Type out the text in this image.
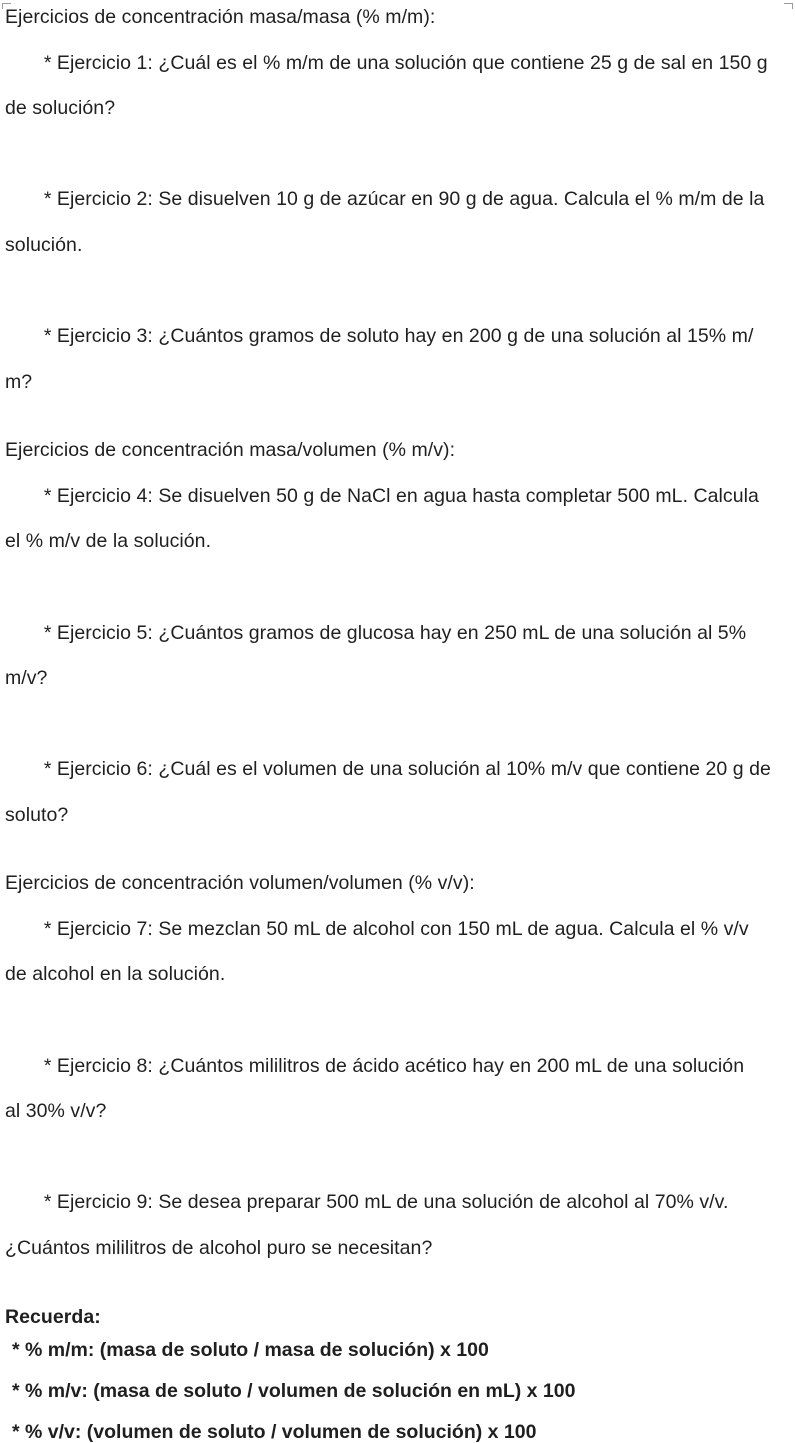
Ejercicios de concentración masa/masa (% m/m):

* Ejercicio 1: ¿Cuál es el % m/m de una solución que contiene 25 g de sal en 150 g

de solución?

* Ejercicio 2: Se disuelven 10 g de azúcar en 90 g de agua. Calcula el % m/m de la

solución.

* Ejercicio 3: ¿Cuántos gramos de soluto hay en 200 g de una solución al 15% m/

m?

Ejercicios de concentración masa/volumen (% m/v):

* Ejercicio 4: Se disuelven 50 g de NaCl en agua hasta completar 500 mL. Calcula

el % m/v de la solución.

* Ejercicio 5: ¿Cuántos gramos de glucosa hay en 250 mL de una solución al 5%

m/v?

* Ejercicio 6: ¿Cuál es el volumen de una solución al 10% m/v que contiene 20 g de

soluto?

Ejercicios de concentración volumen/volumen (% v/v):

* Ejercicio 7: Se mezclan 50 mL de alcohol con 150 mL de agua. Calcula el % v/v

de alcohol en la solución.

* Ejercicio 8: ¿Cuántos mililitros de ácido acético hay en 200 mL de una solución

al 30% v/v?

* Ejercicio 9: Se desea preparar 500 mL de una solución de alcohol al 70% v/v.

¿Cuántos mililitros de alcohol puro se necesitan?

Recuerda:

* % m/m: (masa de soluto / masa de solución) x 100

* % m/v: (masa de soluto / volumen de solución en mL) x 100

* % v/v: (volumen de soluto / volumen de solución) x 100
